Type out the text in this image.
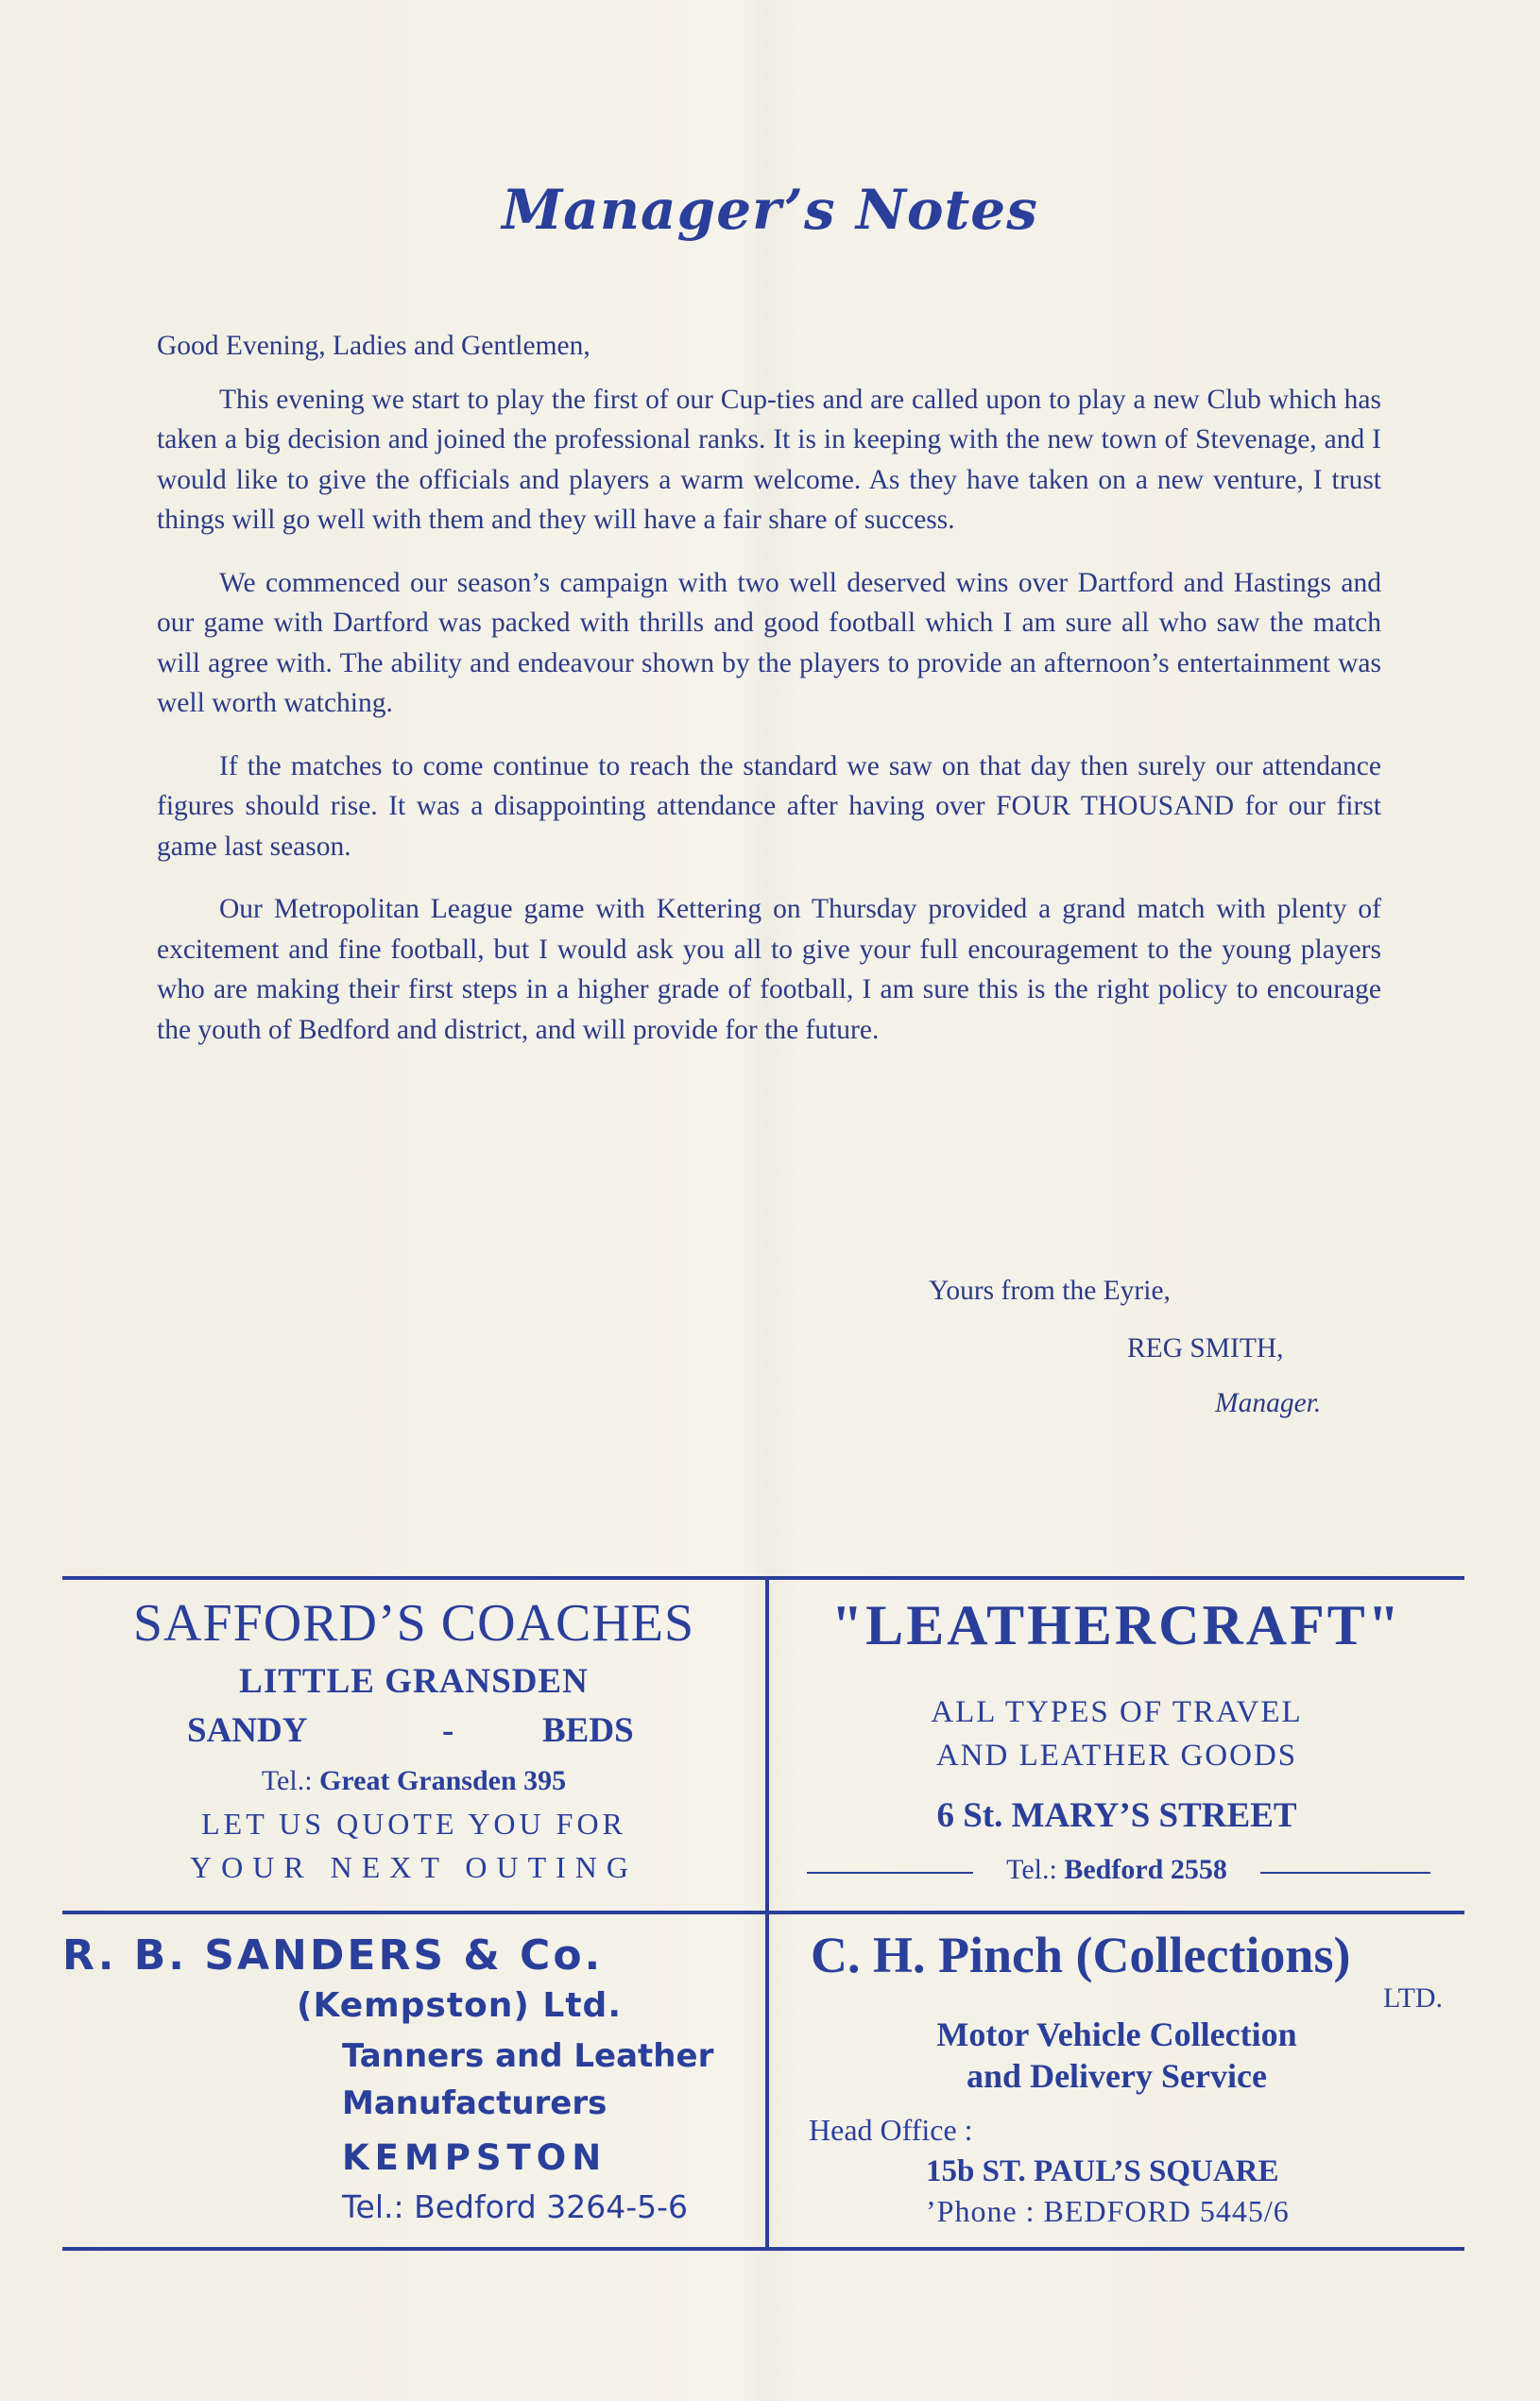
Manager’s Notes

Good Evening, Ladies and Gentlemen,

This evening we start to play the first of our Cup-ties and are called upon to play a new Club which has taken a big decision and joined the professional ranks. It is in keeping with the new town of Stevenage, and I would like to give the officials and players a warm welcome. As they have taken on a new venture, I trust things will go well with them and they will have a fair share of success.

We commenced our season’s campaign with two well deserved wins over Dartford and Hastings and our game with Dartford was packed with thrills and good football which I am sure all who saw the match will agree with. The ability and endeavour shown by the players to provide an afternoon’s entertainment was well worth watching.

If the matches to come continue to reach the standard we saw on that day then surely our attendance figures should rise. It was a disappointing attendance after having over FOUR THOUSAND for our first game last season.

Our Metropolitan League game with Kettering on Thursday provided a grand match with plenty of excitement and fine football, but I would ask you all to give your full encouragement to the young players who are making their first steps in a higher grade of football, I am sure this is the right policy to encourage the youth of Bedford and district, and will provide for the future.

Yours from the Eyrie,
REG SMITH,
Manager.
SAFFORD’S COACHES
LITTLE GRANSDEN
SANDY	-	BEDS
Tel.: Great Gransden 395
LET US QUOTE YOU FOR
YOUR NEXT OUTING
"LEATHERCRAFT"
ALL TYPES OF TRAVEL
AND LEATHER GOODS
6 St. MARY’S STREET
Tel.: Bedford 2558
R. B. SANDERS & Co.
(Kempston) Ltd.
Tanners and Leather
Manufacturers
KEMPSTON
Tel.: Bedford 3264-5-6
C. H. Pinch (Collections)
LTD.
Motor Vehicle Collection
and Delivery Service
Head Office :
15b ST. PAUL’S SQUARE
’Phone : BEDFORD 5445/6
